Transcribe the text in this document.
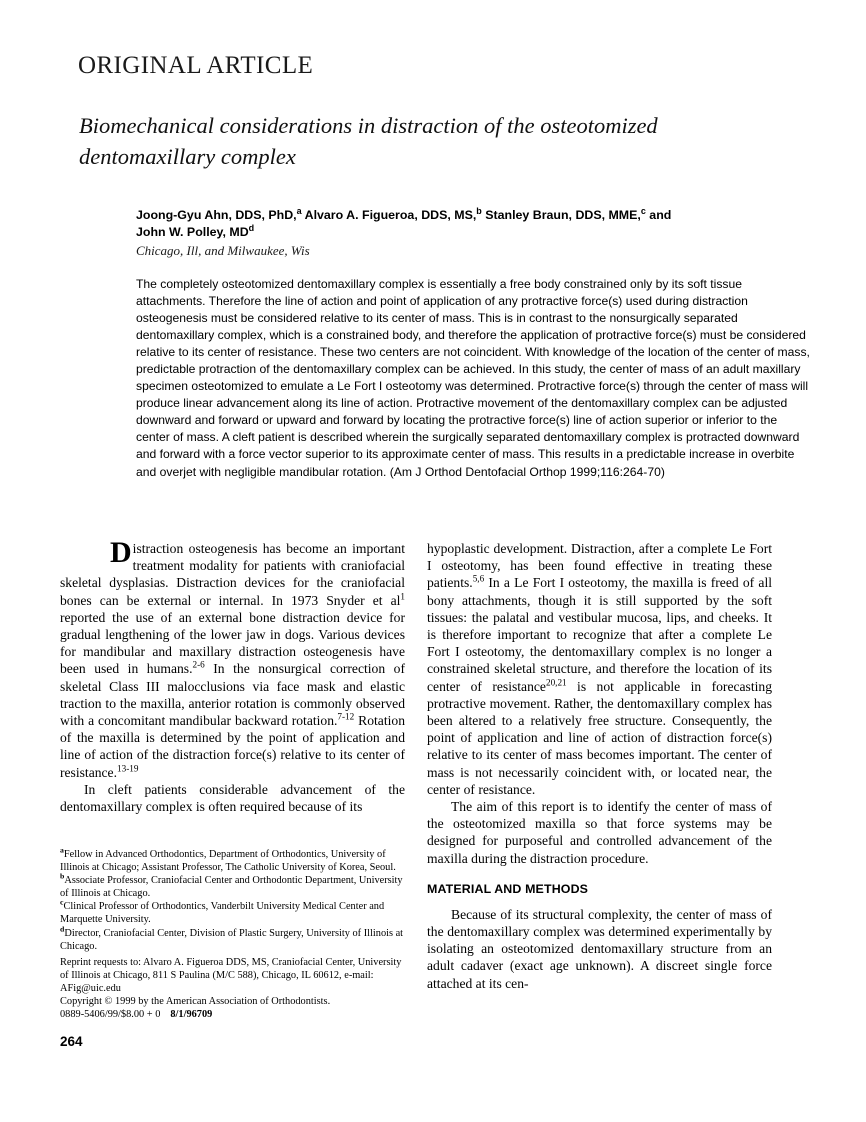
ORIGINAL ARTICLE
Biomechanical considerations in distraction of the osteotomized dentomaxillary complex
Joong-Gyu Ahn, DDS, PhD,$^a$ Alvaro A. Figueroa, DDS, MS,$^b$ Stanley Braun, DDS, MME,$^c$ and
John W. Polley, $MD^d$
Chicago, Ill, and Milwaukee, Wis
The completely osteotomized dentomaxillary complex is essentially a free body constrained only by its soft tissue attachments. Therefore the line of action and point of application of any protractive force(s) used during distraction osteogenesis must be considered relative to its center of mass. This is in contrast to the nonsurgically separated dentomaxillary complex, which is a constrained body, and therefore the application of protractive force(s) must be considered relative to its center of resistance. These two centers are not coincident. With knowledge of the location of the center of mass, predictable protraction of the dentomaxillary complex can be achieved. In this study, the center of mass of an adult maxillary specimen osteotomized to emulate a Le Fort I osteotomy was determined. Protractive force(s) through the center of mass will produce linear advancement along its line of action. Protractive movement of the dentomaxillary complex can be adjusted downward and forward or upward and forward by locating the protractive force(s) line of action superior or inferior to the center of mass. A cleft patient is described wherein the surgically separated dentomaxillary complex is protracted downward and forward with a force vector superior to its approximate center of mass. This results in a predictable increase in overbite and overjet with negligible mandibular rotation. (Am J Orthod Dentofacial Orthop 1999;116:264-70)

Distraction osteogenesis has become an important treatment modality for patients with craniofacial skeletal dysplasias. Distraction devices for the craniofacial bones can be external or internal. In 1973 Snyder et $al^1$ reported the use of an external bone distraction device for gradual lengthening of the lower jaw in dogs. Various devices for mandibular and maxillary distraction osteogenesis have been used in humans.$^{2-6}$ In the nonsurgical correction of skeletal Class III malocclusions via face mask and elastic traction to the maxilla, anterior rotation is commonly observed with a concomitant mandibular backward rotation.$^{7-12}$ Rotation of the maxilla is determined by the point of application and line of action of the distraction force(s) relative to its center of resistance.$^{13-19}$

In cleft patients considerable advancement of the dentomaxillary complex is often required because of its

hypoplastic development. Distraction, after a complete Le Fort I osteotomy, has been found effective in treating these patients.$^{5,6}$ In a Le Fort I osteotomy, the maxilla is freed of all bony attachments, though it is still supported by the soft tissues: the palatal and vestibular mucosa, lips, and cheeks. It is therefore important to recognize that after a complete Le Fort I osteotomy, the dentomaxillary complex is no longer a constrained skeletal structure, and therefore the location of its center of resistance$^{20,21}$ is not applicable in forecasting protractive movement. Rather, the dentomaxillary complex has been altered to a relatively free structure. Consequently, the point of application and line of action of distraction force(s) relative to its center of mass becomes important. The center of mass is not necessarily coincident with, or located near, the center of resistance.

The aim of this report is to identify the center of mass of the osteotomized maxilla so that force systems may be designed for purposeful and controlled advancement of the maxilla during the distraction procedure.

MATERIAL AND METHODS

Because of its structural complexity, the center of mass of the dentomaxillary complex was determined experimentally by isolating an osteotomized dentomaxillary structure from an adult cadaver (exact age unknown). A discreet single force attached at its cen-

$^a$Fellow in Advanced Orthodontics, Department of Orthodontics, University of Illinois at Chicago; Assistant Professor, The Catholic University of Korea, Seoul.

$^b$Associate Professor, Craniofacial Center and Orthodontic Department, University of Illinois at Chicago.

$^c$Clinical Professor of Orthodontics, Vanderbilt University Medical Center and Marquette University.

$^d$Director, Craniofacial Center, Division of Plastic Surgery, University of Illinois at Chicago.

Reprint requests to: Alvaro A. Figueroa DDS, MS, Craniofacial Center, University of Illinois at Chicago, 811 S Paulina (M/C 588), Chicago, IL 60612, e-mail: AFig@uic.edu

Copyright © 1999 by the American Association of Orthodontists.

0889-5406/99/$8.00 + 0 8/1/96709

264
